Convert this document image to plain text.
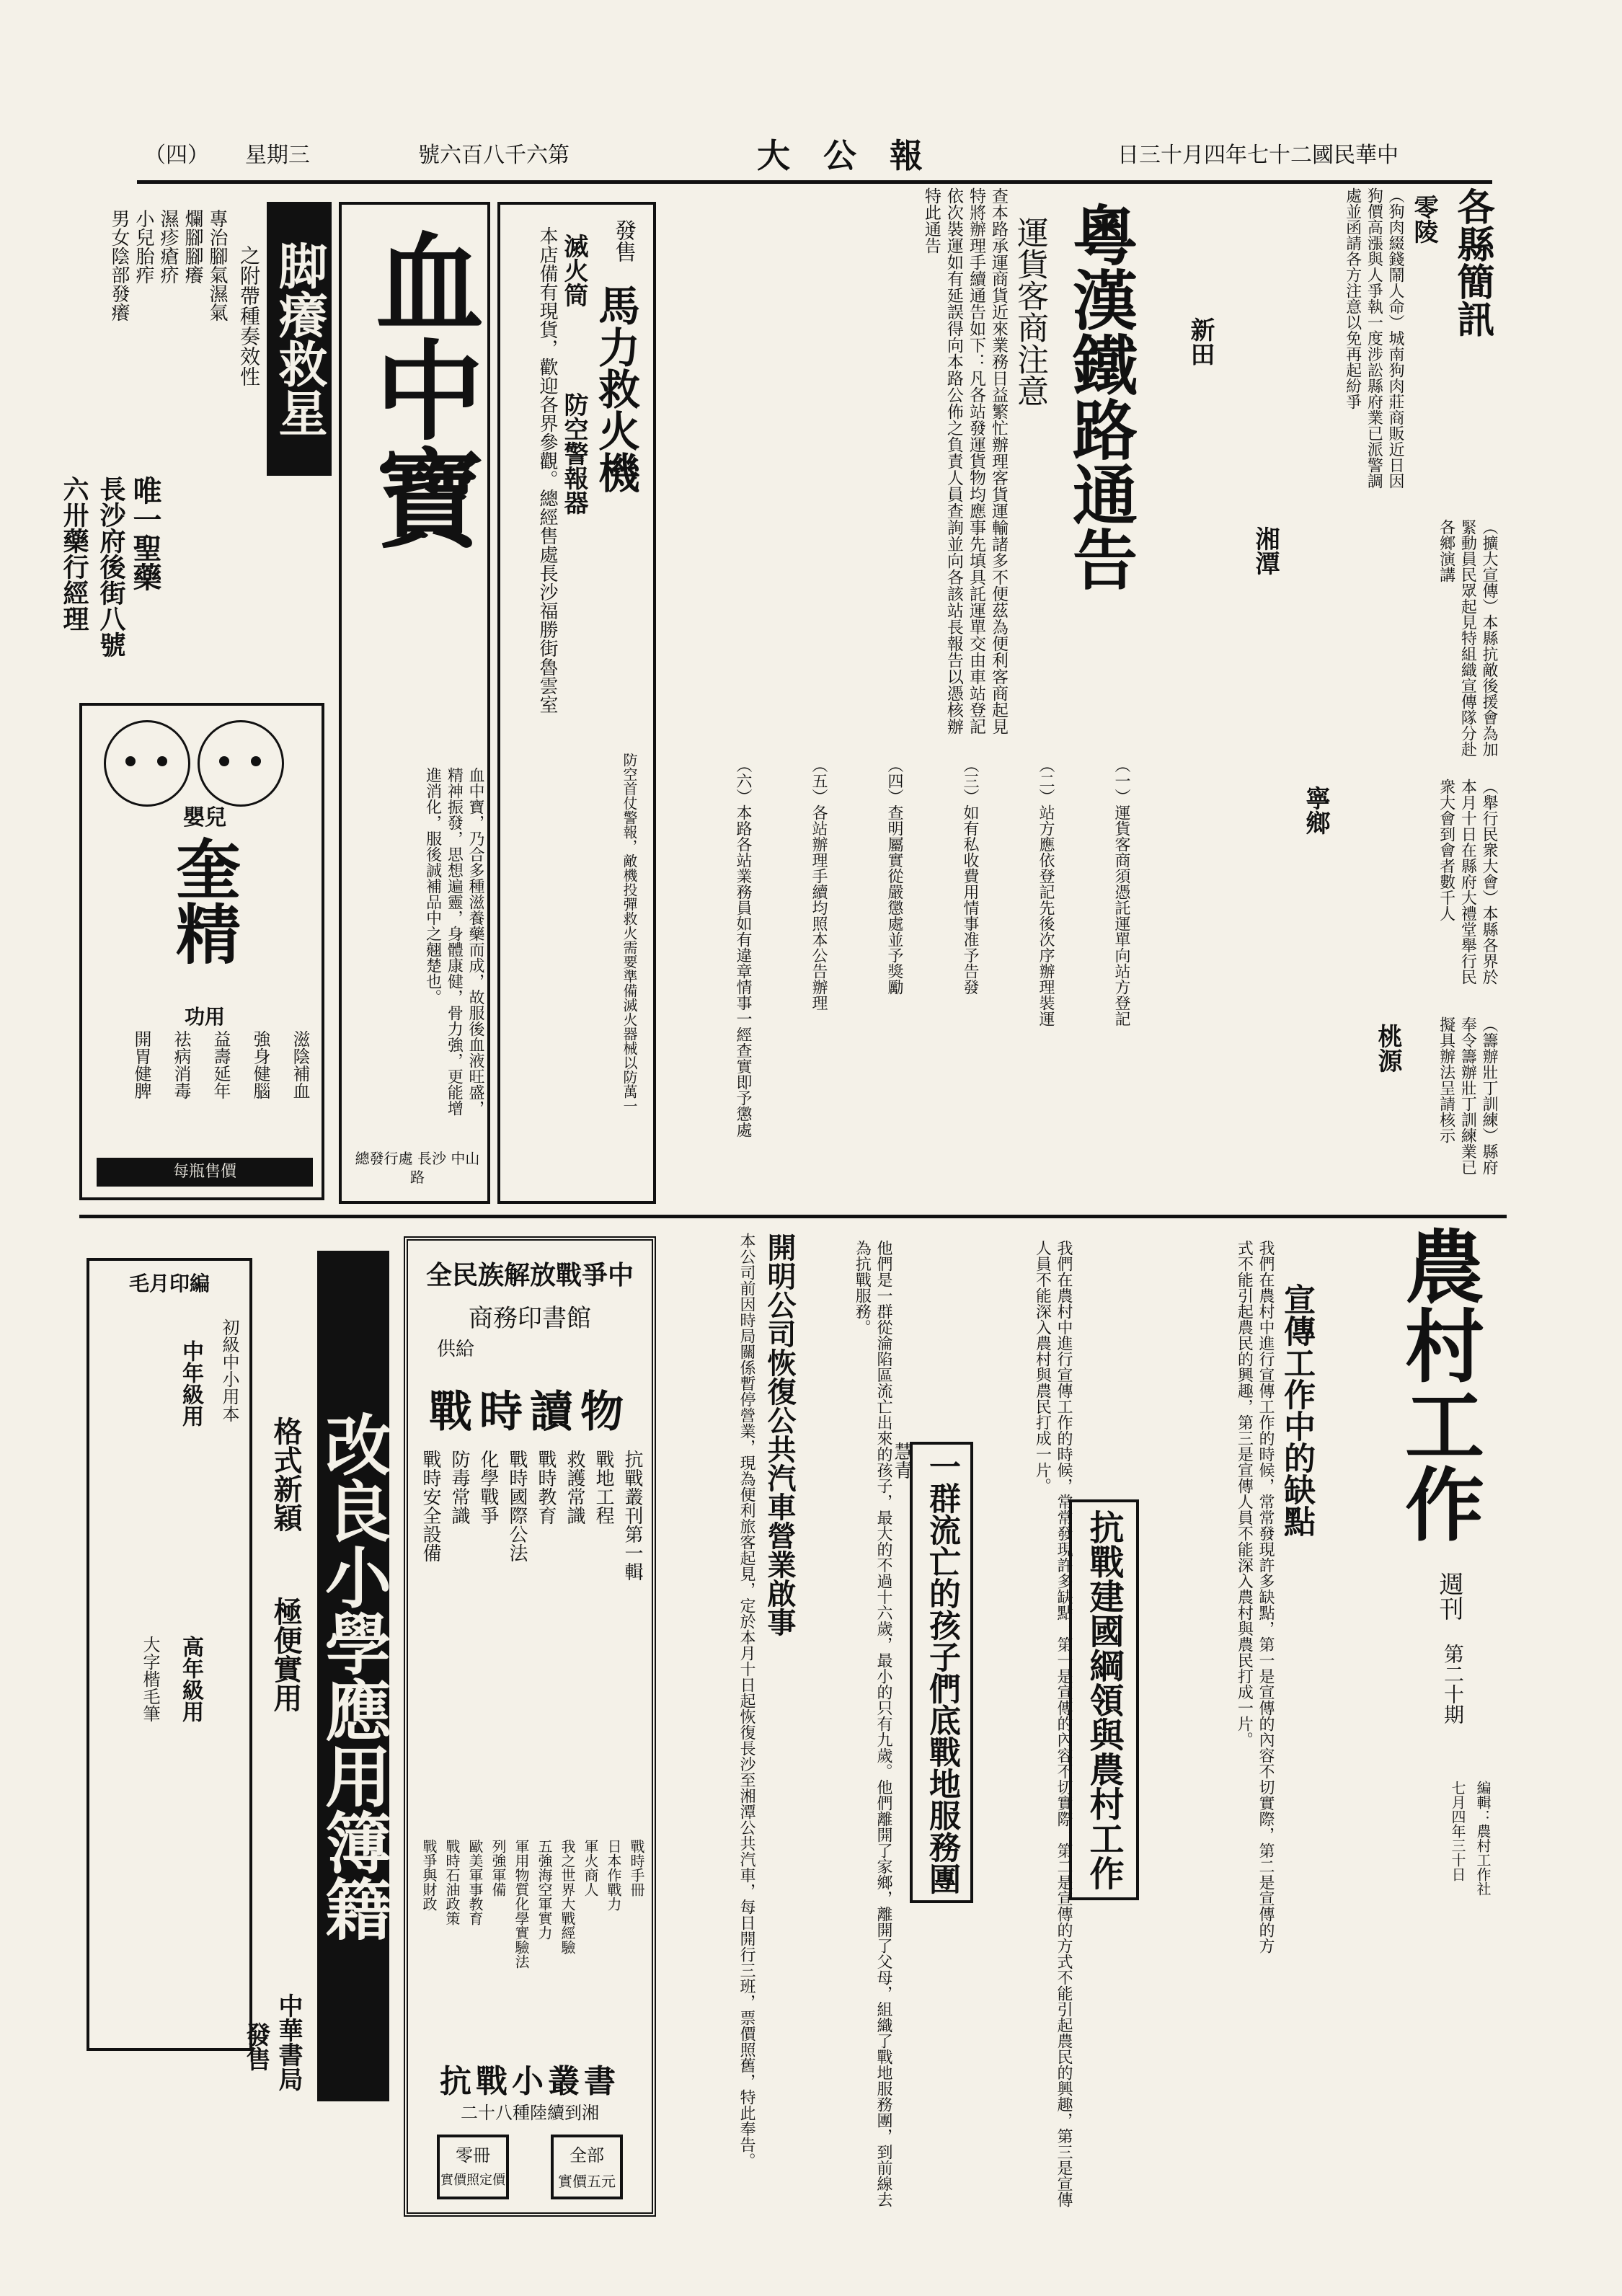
（四） 星期三	號六百八千六第	大　公　報	日三十月四年七十二國民華中
各縣簡訊
零陵
（狗肉綴錢鬧人命）城南狗肉莊商販近日因狗價高漲與人爭執一度涉訟縣府業已派警調處並函請各方注意以免再起紛爭
新田
（擴大宣傳）本縣抗敵後援會為加緊動員民眾起見特組織宣傳隊分赴各鄉演講
湘潭
（舉行民衆大會）本縣各界於本月十日在縣府大禮堂舉行民衆大會到會者數千人
寧鄉
（籌辦壯丁訓練）縣府奉令籌辦壯丁訓練業已擬具辦法呈請核示
桃源
粵漢鐵路通告
運貨客商注意
查本路承運商貨近來業務日益繁忙辦理客貨運輸諸多不便茲為便利客商起見特將辦理手續通告如下：凡各站發運貨物均應事先填具託運單交由車站登記依次裝運如有延誤得向本路公佈之負責人員查詢並向各該站長報告以憑核辦特此通告
（一）運貨客商須憑託運單向站方登記
（二）站方應依登記先後次序辦理裝運
（三）如有私收費用情事准予告發
（四）查明屬實從嚴懲處並予獎勵
（五）各站辦理手續均照本公告辦理
（六）本路各站業務員如有違章情事一經查實即予懲處
發售
馬力救火機
滅火筒
防空警報器
本店備有現貨，歡迎各界參觀。總經售處長沙福勝街魯雲室
防空首仗警報，敵機投彈救火需要準備滅火器械以防萬一
血中寶
血中寶，乃合多種滋養藥而成，故服後血液旺盛，精神振發，思想遍靈，身體康健，骨力強，更能增進消化，服後誠補品中之翹楚也。
總發行處 長沙 中山路
脚癢救星
之附帶種奏效性
專治腳氣濕氣
爛腳腳癢
濕疹瘡疥
小兒胎痄
男女陰部發癢
唯一聖藥
長沙府後街八號六卅藥行經理
嬰兒
奎精
功用
滋陰補血
強身健腦
益壽延年
祛病消毒
開胃健脾
每瓶售價
農村工作
週刊
第二十期
七月四年三十日 編輯：農村工作社
宣傳工作中的缺點
我們在農村中進行宣傳工作的時候，常常發現許多缺點，第一是宣傳的內容不切實際，第二是宣傳的方式不能引起農民的興趣，第三是宣傳人員不能深入農村與農民打成一片。
抗戰建國綱領與農村工作
我們在農村中進行宣傳工作的時候，常常發現許多缺點，第一是宣傳的內容不切實際，第二是宣傳的方式不能引起農民的興趣，第三是宣傳人員不能深入農村與農民打成一片。
一群流亡的孩子們底戰地服務團
慧青
他們是一群從淪陷區流亡出來的孩子，最大的不過十六歲，最小的只有九歲。他們離開了家鄉，離開了父母，組織了戰地服務團，到前線去為抗戰服務。
開明公司恢復公共汽車營業啟事
本公司前因時局關係暫停營業，現為便利旅客起見，定於本月十日起恢復長沙至湘潭公共汽車，每日開行三班，票價照舊，特此奉告。
全民族解放戰爭中
商務印書館
供給
戰時讀物
抗戰叢刊第一輯
戰地工程
救護常識
戰時教育
戰時國際公法
化學戰爭
防毒常識
戰時安全設備
戰時手冊
日本作戰力
軍火商人
我之世界大戰經驗
五強海空軍實力
軍用物質化學實驗法
列強軍備
歐美軍事教育
戰時石油政策
戰爭與財政
抗戰小叢書
二十八種陸續到湘
全部
實價五元
零冊
實價照定價
改良小學應用簿籍
格式新穎
極便實用
中華書局
發售
毛月印編
初級中小用本
中年級用
高年級用
大字楷毛筆
